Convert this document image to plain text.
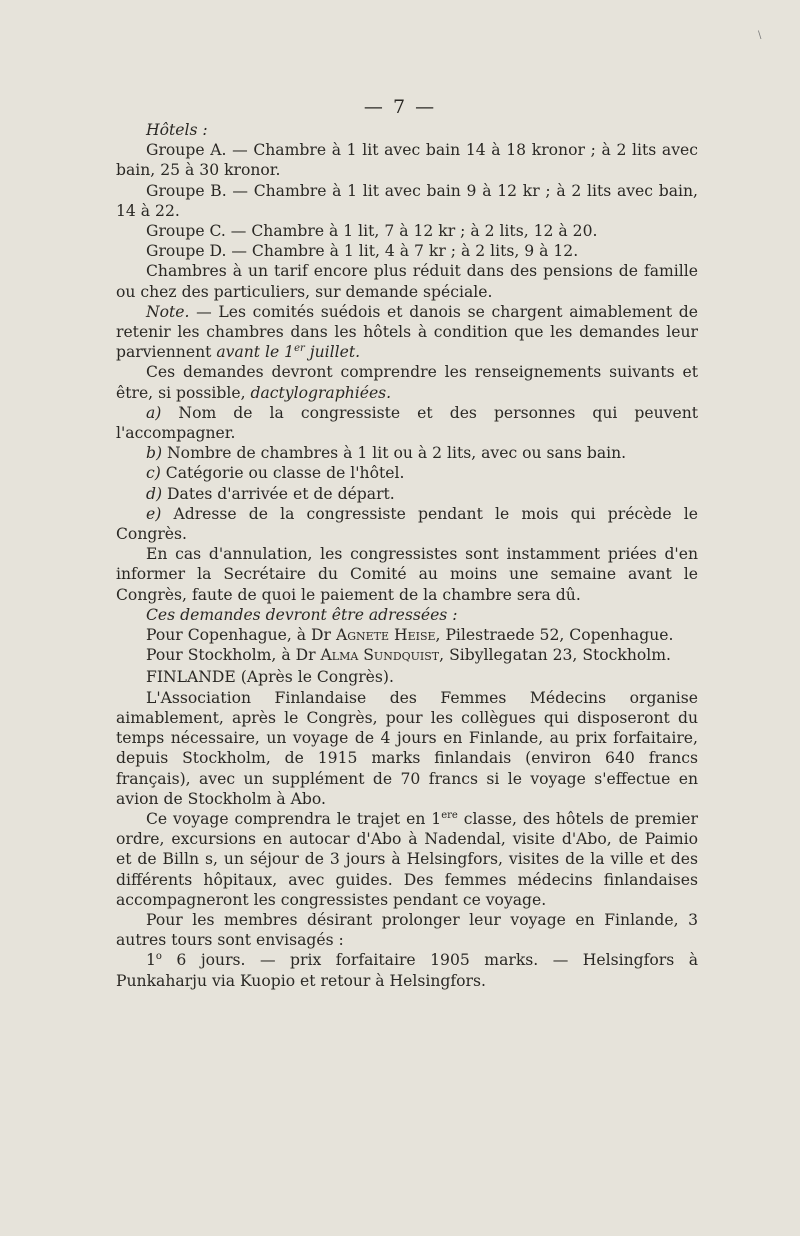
\
— 7 —

Hôtels :

Groupe A. — Chambre à 1 lit avec bain 14 à 18 kronor ; à 2 lits avec bain, 25 à 30 kronor.

Groupe B. — Chambre à 1 lit avec bain 9 à 12 kr ; à 2 lits avec bain, 14 à 22.

Groupe C. — Chambre à 1 lit, 7 à 12 kr ; à 2 lits, 12 à 20.

Groupe D. — Chambre à 1 lit, 4 à 7 kr ; à 2 lits, 9 à 12.

Chambres à un tarif encore plus réduit dans des pensions de famille ou chez des particuliers, sur demande spéciale.

Note. — Les comités suédois et danois se chargent aimablement de retenir les chambres dans les hôtels à condition que les demandes leur parviennent avant le 1er juillet.

Ces demandes devront comprendre les renseignements suivants et être, si possible, dactylographiées.

a) Nom de la congressiste et des personnes qui peuvent l'accompagner.

b) Nombre de chambres à 1 lit ou à 2 lits, avec ou sans bain.

c) Catégorie ou classe de l'hôtel.

d) Dates d'arrivée et de départ.

e) Adresse de la congressiste pendant le mois qui précède le Congrès.

En cas d'annulation, les congressistes sont instamment priées d'en informer la Secrétaire du Comité au moins une semaine avant le Congrès, faute de quoi le paiement de la chambre sera dû.

Ces demandes devront être adressées :

Pour Copenhague, à Dr Agnete Heise, Pilestraede 52, Copenhague.

Pour Stockholm, à Dr Alma Sundquist, Sibyllegatan 23, Stockholm.

FINLANDE (Après le Congrès).

L'Association Finlandaise des Femmes Médecins organise aimablement, après le Congrès, pour les collègues qui disposeront du temps nécessaire, un voyage de 4 jours en Finlande, au prix forfaitaire, depuis Stockholm, de 1915 marks finlandais (environ 640 francs français), avec un supplément de 70 francs si le voyage s'effectue en avion de Stockholm à Abo.

Ce voyage comprendra le trajet en 1ere classe, des hôtels de premier ordre, excursions en autocar d'Abo à Nadendal, visite d'Abo, de Paimio et de Billn s, un séjour de 3 jours à Helsingfors, visites de la ville et des différents hôpitaux, avec guides. Des femmes médecins finlandaises accompagneront les congressistes pendant ce voyage.

Pour les membres désirant prolonger leur voyage en Finlande, 3 autres tours sont envisagés :

1$^o$ 6 jours. — prix forfaitaire 1905 marks. — Helsingfors à Punkaharju via Kuopio et retour à Helsingfors.
